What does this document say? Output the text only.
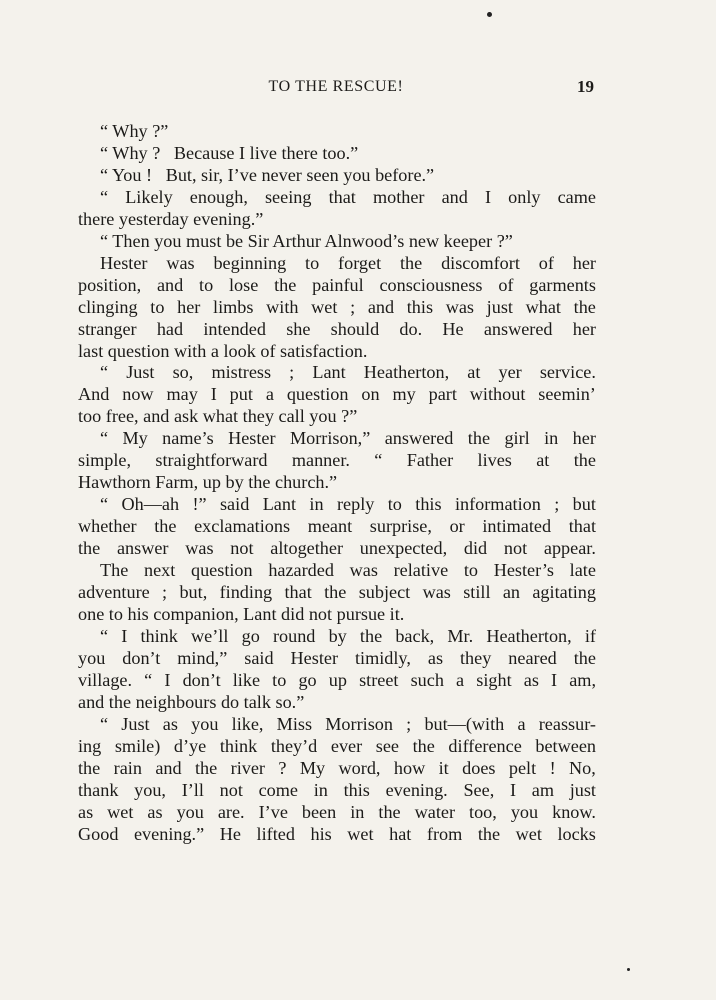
TO THE RESCUE!	19
“ Why ?”
“ Why ?   Because I live there too.”
“ You !   But, sir, I’ve never seen you before.”
“ Likely enough, seeing that mother and I only came
there yesterday evening.”
“ Then you must be Sir Arthur Alnwood’s new keeper ?”
Hester was beginning to forget the discomfort of her
position, and to lose the painful consciousness of garments
clinging to her limbs with wet ; and this was just what the
stranger had intended she should do. He answered her
last question with a look of satisfaction.
“ Just so, mistress ; Lant Heatherton, at yer service.
And now may I put a question on my part without seemin’
too free, and ask what they call you ?”
“ My name’s Hester Morrison,” answered the girl in her
simple, straightforward manner. “ Father lives at the
Hawthorn Farm, up by the church.”
“ Oh—ah !” said Lant in reply to this information ; but
whether the exclamations meant surprise, or intimated that
the answer was not altogether unexpected, did not appear.
The next question hazarded was relative to Hester’s late
adventure ; but, finding that the subject was still an agitating
one to his companion, Lant did not pursue it.
“ I think we’ll go round by the back, Mr. Heatherton, if
you don’t mind,” said Hester timidly, as they neared the
village. “ I don’t like to go up street such a sight as I am,
and the neighbours do talk so.”
“ Just as you like, Miss Morrison ; but—(with a reassur-
ing smile) d’ye think they’d ever see the difference between
the rain and the river ? My word, how it does pelt ! No,
thank you, I’ll not come in this evening. See, I am just
as wet as you are. I’ve been in the water too, you know.
Good evening.” He lifted his wet hat from the wet locks
